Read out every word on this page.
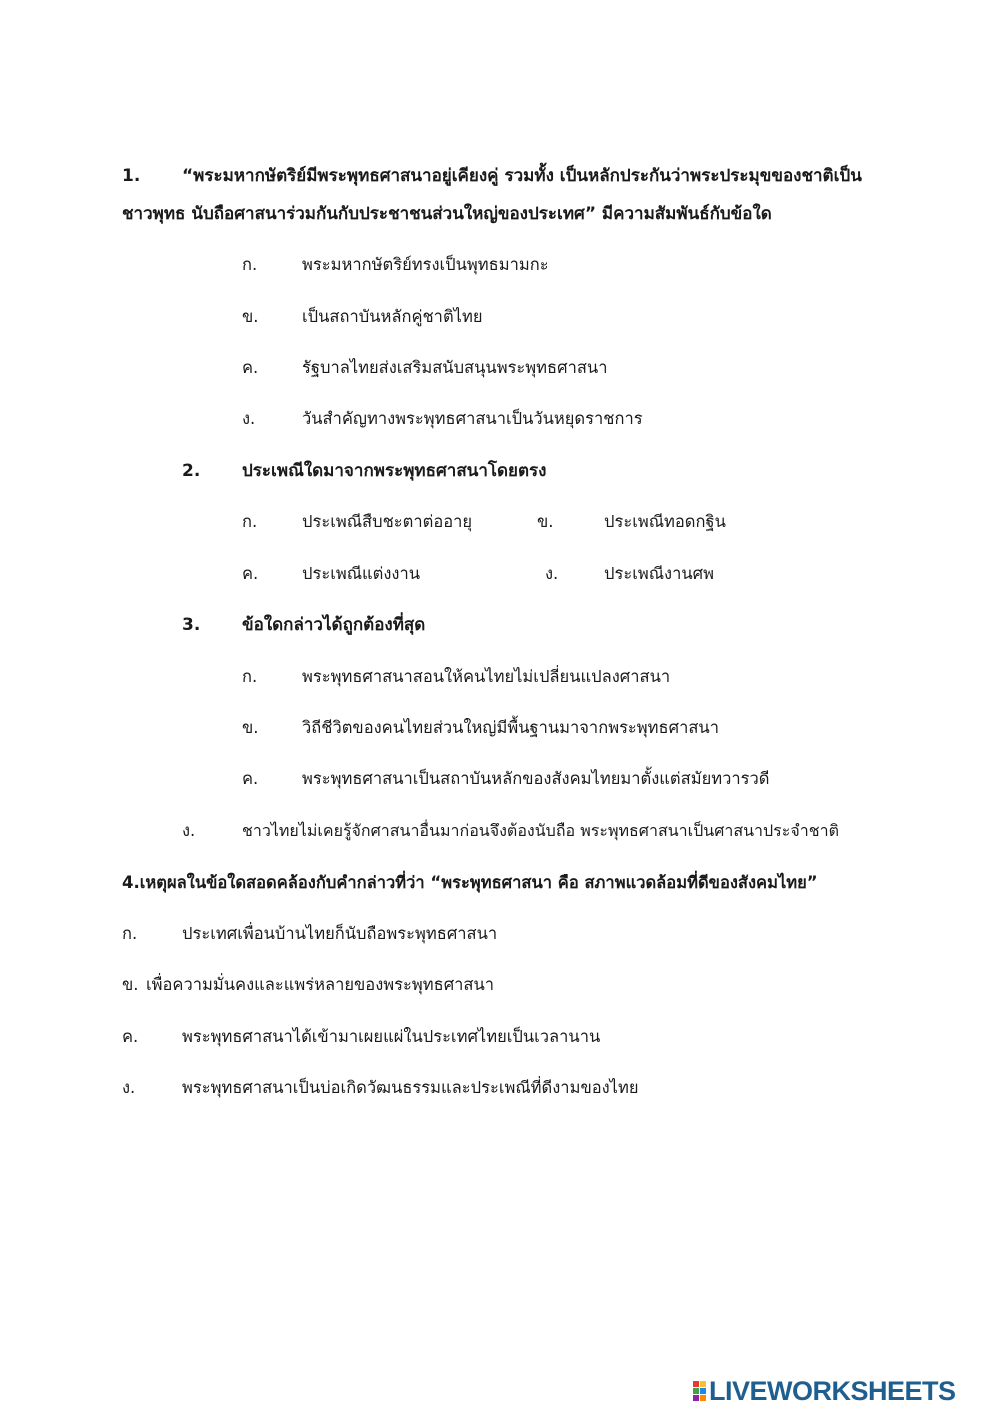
1. “พระมหากษัตริย์มีพระพุทธศาสนาอยู่เคียงคู่ รวมทั้ง เป็นหลักประกันว่าพระประมุขของชาติเป็น
ชาวพุทธ นับถือศาสนาร่วมกันกับประชาชนส่วนใหญ่ของประเทศ” มีความสัมพันธ์กับข้อใด
ก.	พระมหากษัตริย์ทรงเป็นพุทธมามกะ
ข.	เป็นสถาบันหลักคู่ชาติไทย
ค.	รัฐบาลไทยส่งเสริมสนับสนุนพระพุทธศาสนา
ง.	วันสำคัญทางพระพุทธศาสนาเป็นวันหยุดราชการ
2. ประเพณีใดมาจากพระพุทธศาสนาโดยตรง
ก.	ประเพณีสืบชะตาต่ออายุ	ข.	ประเพณีทอดกฐิน
ค.	ประเพณีแต่งงาน	ง.	ประเพณีงานศพ
3. ข้อใดกล่าวได้ถูกต้องที่สุด
ก.	พระพุทธศาสนาสอนให้คนไทยไม่เปลี่ยนแปลงศาสนา
ข.	วิถีชีวิตของคนไทยส่วนใหญ่มีพื้นฐานมาจากพระพุทธศาสนา
ค.	พระพุทธศาสนาเป็นสถาบันหลักของสังคมไทยมาตั้งแต่สมัยทวารวดี
ง.	ชาวไทยไม่เคยรู้จักศาสนาอื่นมาก่อนจึงต้องนับถือ พระพุทธศาสนาเป็นศาสนาประจำชาติ
4.เหตุผลในข้อใดสอดคล้องกับคำกล่าวที่ว่า “พระพุทธศาสนา คือ สภาพแวดล้อมที่ดีของสังคมไทย”
ก.	ประเทศเพื่อนบ้านไทยก็นับถือพระพุทธศาสนา
ข. เพื่อความมั่นคงและแพร่หลายของพระพุทธศาสนา
ค.	พระพุทธศาสนาได้เข้ามาเผยแผ่ในประเทศไทยเป็นเวลานาน
ง.	พระพุทธศาสนาเป็นบ่อเกิดวัฒนธรรมและประเพณีที่ดีงามของไทย
LIVEWORKSHEETS
